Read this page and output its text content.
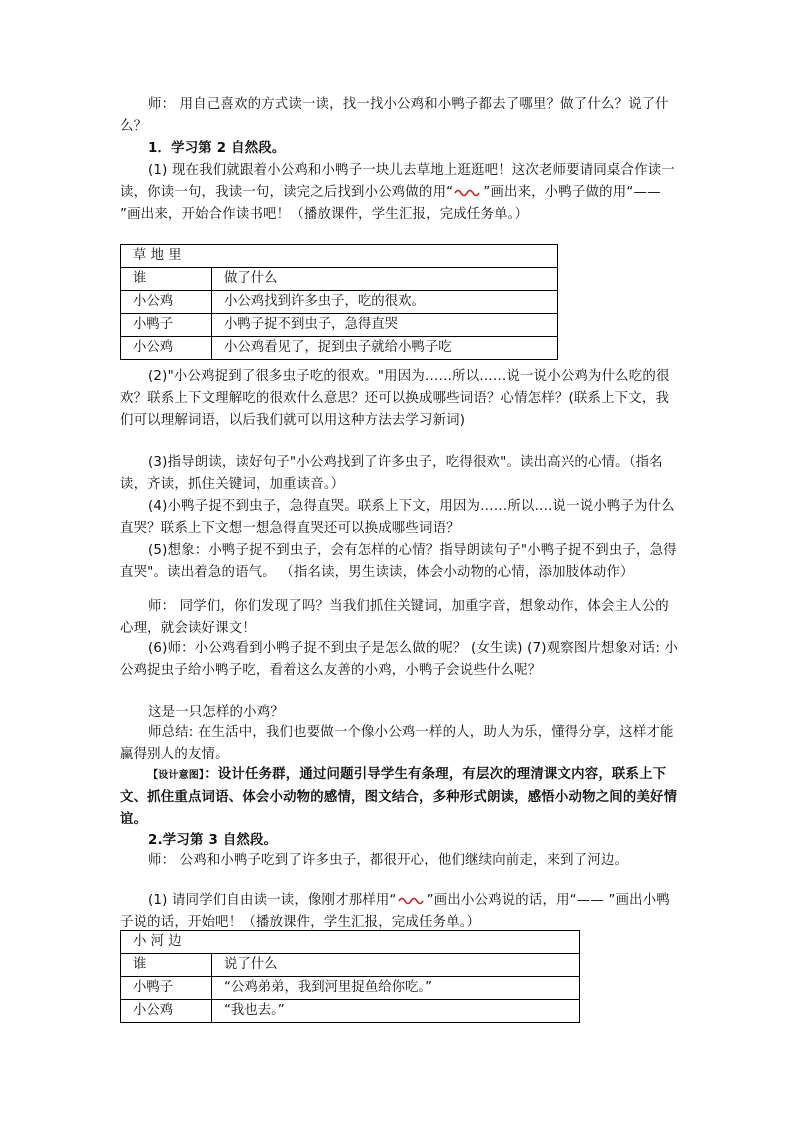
师： 用自己喜欢的方式读一读，找一找小公鸡和小鸭子都去了哪里？做了什么？说了什么？

1．学习第 2 自然段。

(1) 现在我们就跟着小公鸡和小鸭子一块儿去草地上逛逛吧！这次老师要请同桌合作读一读，你读一句，我读一句，读完之后找到小公鸡做的用“ ”画出来，小鸭子做的用“—— ”画出来，开始合作读书吧！（播放课件，学生汇报，完成任务单。）

草 地 里	
谁	做了什么
小公鸡	小公鸡找到许多虫子，吃的很欢。
小鸭子	小鸭子捉不到虫子，急得直哭
小公鸡	小公鸡看见了，捉到虫子就给小鸭子吃

(2)"小公鸡捉到了很多虫子吃的很欢。"用因为……所以……说一说小公鸡为什么吃的很欢？联系上下文理解吃的很欢什么意思？还可以换成哪些词语？心情怎样？(联系上下文，我们可以理解词语，以后我们就可以用这种方法去学习新词)

(3)指导朗读，读好句子"小公鸡找到了许多虫子，吃得很欢"。读出高兴的心情。（指名读，齐读，抓住关键词，加重读音。）

(4)小鸭子捉不到虫子，急得直哭。联系上下文，用因为……所以….说一说小鸭子为什么直哭？联系上下文想一想急得直哭还可以换成哪些词语？

(5)想象：小鸭子捉不到虫子，会有怎样的心情？指导朗读句子"小鸭子捉不到虫子，急得直哭"。读出着急的语气。 （指名读，男生读读，体会小动物的心情，添加肢体动作）

师： 同学们，你们发现了吗？当我们抓住关键词，加重字音，想象动作，体会主人公的心理，就会读好课文！

(6)师：小公鸡看到小鸭子捉不到虫子是怎么做的呢？ (女生读) (7)观察图片想象对话: 小公鸡捉虫子给小鸭子吃，看着这么友善的小鸡，小鸭子会说些什么呢？

这是一只怎样的小鸡？

师总结: 在生活中，我们也要做一个像小公鸡一样的人，助人为乐，懂得分享，这样才能赢得别人的友情。

【设计意图】：设计任务群，通过问题引导学生有条理，有层次的理清课文内容，联系上下文、抓住重点词语、体会小动物的感情，图文结合，多种形式朗读，感悟小动物之间的美好情谊。

2.学习第 3 自然段。

师： 公鸡和小鸭子吃到了许多虫子，都很开心，他们继续向前走，来到了河边。

(1) 请同学们自由读一读，像刚才那样用“ ”画出小公鸡说的话，用“—— ”画出小鸭子说的话，开始吧！（播放课件，学生汇报，完成任务单。）

小 河 边	
谁	说了什么
小鸭子	“公鸡弟弟，我到河里捉鱼给你吃。”
小公鸡	“我也去。”
